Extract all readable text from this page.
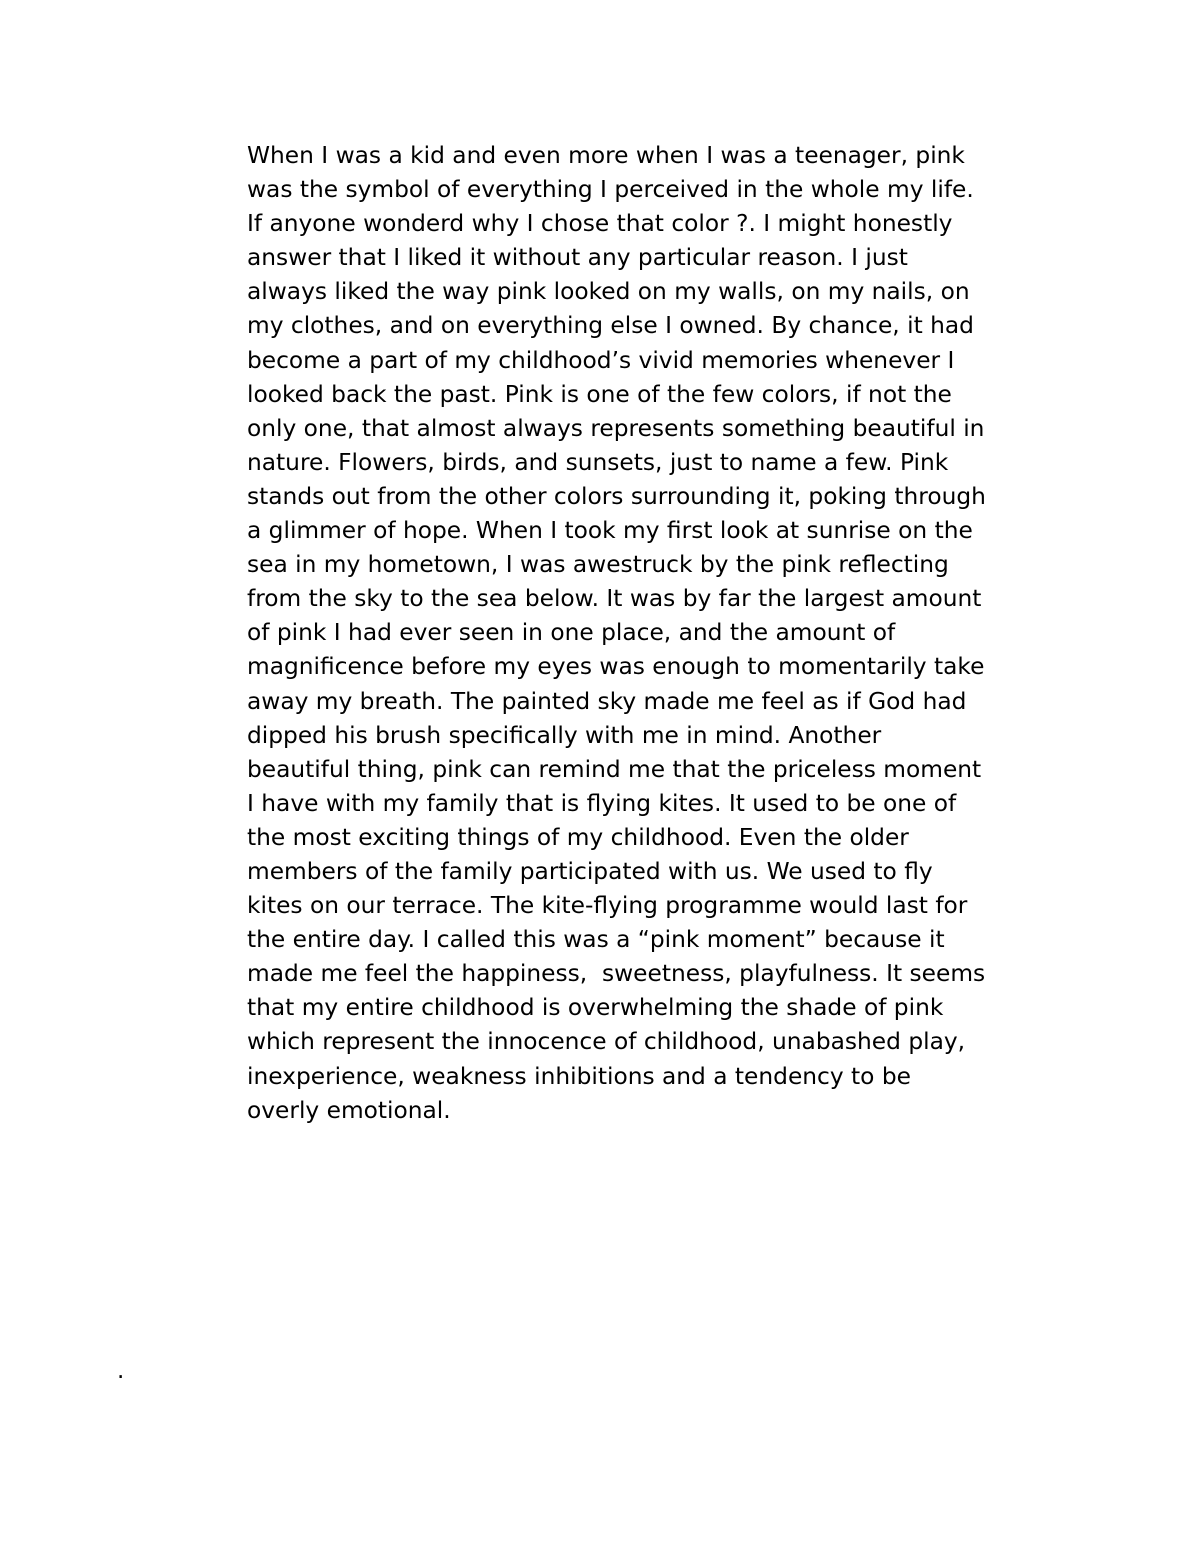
When I was a kid and even more when I was a teenager, pink
was the symbol of everything I perceived in the whole my life.
If anyone wonderd why I chose that color ?. I might honestly
answer that I liked it without any particular reason. I just
always liked the way pink looked on my walls, on my nails, on
my clothes, and on everything else I owned. By chance, it had
become a part of my childhood’s vivid memories whenever I
looked back the past. Pink is one of the few colors, if not the
only one, that almost always represents something beautiful in
nature. Flowers, birds, and sunsets, just to name a few. Pink
stands out from the other colors surrounding it, poking through
a glimmer of hope. When I took my first look at sunrise on the
sea in my hometown, I was awestruck by the pink reflecting
from the sky to the sea below. It was by far the largest amount
of pink I had ever seen in one place, and the amount of
magnificence before my eyes was enough to momentarily take
away my breath. The painted sky made me feel as if God had
dipped his brush specifically with me in mind. Another
beautiful thing, pink can remind me that the priceless moment
I have with my family that is flying kites. It used to be one of
the most exciting things of my childhood. Even the older
members of the family participated with us. We used to fly
kites on our terrace. The kite-flying programme would last for
the entire day. I called this was a “pink moment” because it
made me feel the happiness,  sweetness, playfulness. It seems
that my entire childhood is overwhelming the shade of pink
which represent the innocence of childhood, unabashed play,
inexperience, weakness inhibitions and a tendency to be
overly emotional.

.
